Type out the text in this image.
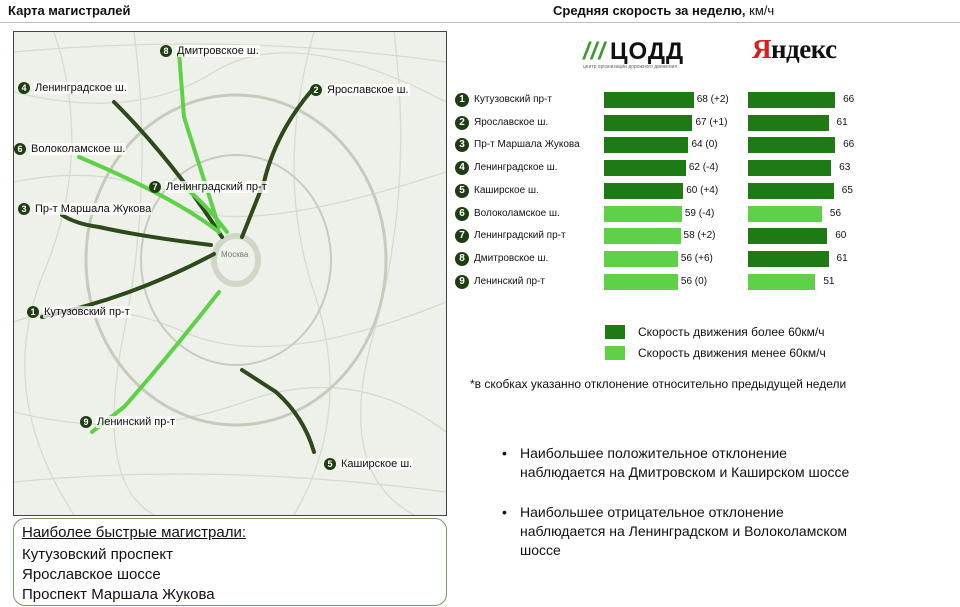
Карта магистралей	Средняя скорость за неделю, км/ч
Москва
1 Кутузовский пр-т
2 Ярославское ш.
3 Пр-т Маршала Жукова
4 Ленинградское ш.
5 Каширское ш.
6 Волоколамское ш.
7 Ленинградский пр-т
8 Дмитровское ш.
9 Ленинский пр-т
Наиболее быстрые магистрали:
Кутузовский проспект
Ярославское шоссе
Проспект Маршала Жукова
/// ЦОДД
центр организации дорожного движения
Яндекс
1 Кутузовский пр-т	68 (+2)	66
2 Ярославское ш.	67 (+1)	61
3 Пр-т Маршала Жукова	64 (0)	66
4 Ленинградское ш.	62 (-4)	63
5 Каширское ш.	60 (+4)	65
6 Волоколамское ш.	59 (-4)	56
7 Ленинградский пр-т	58 (+2)	60
8 Дмитровское ш.	56 (+6)	61
9 Ленинский пр-т	56 (0)	51
Скорость движения более 60км/ч
Скорость движения менее 60км/ч
*в скобках указанно отклонение относительно предыдущей недели
• Наибольшее положительное отклонение наблюдается на Дмитровском и Каширском шоссе
• Наибольшее отрицательное отклонение наблюдается на Ленинградском и Волоколамском шоссе
